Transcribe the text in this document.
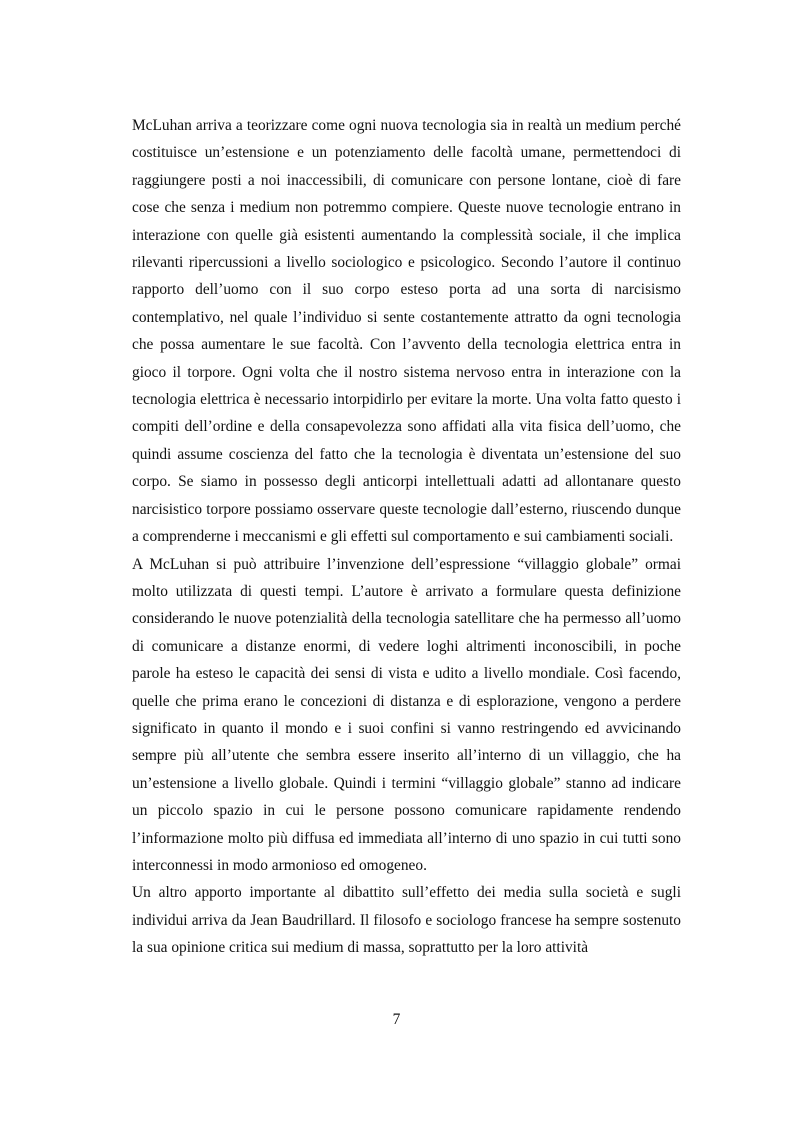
McLuhan arriva a teorizzare come ogni nuova tecnologia sia in realtà un medium perché costituisce un’estensione e un potenziamento delle facoltà umane, permettendoci di raggiungere posti a noi inaccessibili, di comunicare con persone lontane, cioè di fare cose che senza i medium non potremmo compiere. Queste nuove tecnologie entrano in interazione con quelle già esistenti aumentando la complessità sociale, il che implica rilevanti ripercussioni a livello sociologico e psicologico. Secondo l’autore il continuo rapporto dell’uomo con il suo corpo esteso porta ad una sorta di narcisismo contemplativo, nel quale l’individuo si sente costantemente attratto da ogni tecnologia che possa aumentare le sue facoltà. Con l’avvento della tecnologia elettrica entra in gioco il torpore. Ogni volta che il nostro sistema nervoso entra in interazione con la tecnologia elettrica è necessario intorpidirlo per evitare la morte. Una volta fatto questo i compiti dell’ordine e della consapevolezza sono affidati alla vita fisica dell’uomo, che quindi assume coscienza del fatto che la tecnologia è diventata un’estensione del suo corpo. Se siamo in possesso degli anticorpi intellettuali adatti ad allontanare questo narcisistico torpore possiamo osservare queste tecnologie dall’esterno, riuscendo dunque a comprenderne i meccanismi e gli effetti sul comportamento e sui cambiamenti sociali.

A McLuhan si può attribuire l’invenzione dell’espressione “villaggio globale” ormai molto utilizzata di questi tempi. L’autore è arrivato a formulare questa definizione considerando le nuove potenzialità della tecnologia satellitare che ha permesso all’uomo di comunicare a distanze enormi, di vedere loghi altrimenti inconoscibili, in poche parole ha esteso le capacità dei sensi di vista e udito a livello mondiale. Così facendo, quelle che prima erano le concezioni di distanza e di esplorazione, vengono a perdere significato in quanto il mondo e i suoi confini si vanno restringendo ed avvicinando sempre più all’utente che sembra essere inserito all’interno di un villaggio, che ha un’estensione a livello globale. Quindi i termini “villaggio globale” stanno ad indicare un piccolo spazio in cui le persone possono comunicare rapidamente rendendo l’informazione molto più diffusa ed immediata all’interno di uno spazio in cui tutti sono interconnessi in modo armonioso ed omogeneo.

Un altro apporto importante al dibattito sull’effetto dei media sulla società e sugli individui arriva da Jean Baudrillard. Il filosofo e sociologo francese ha sempre sostenuto la sua opinione critica sui medium di massa, soprattutto per la loro attività

7
